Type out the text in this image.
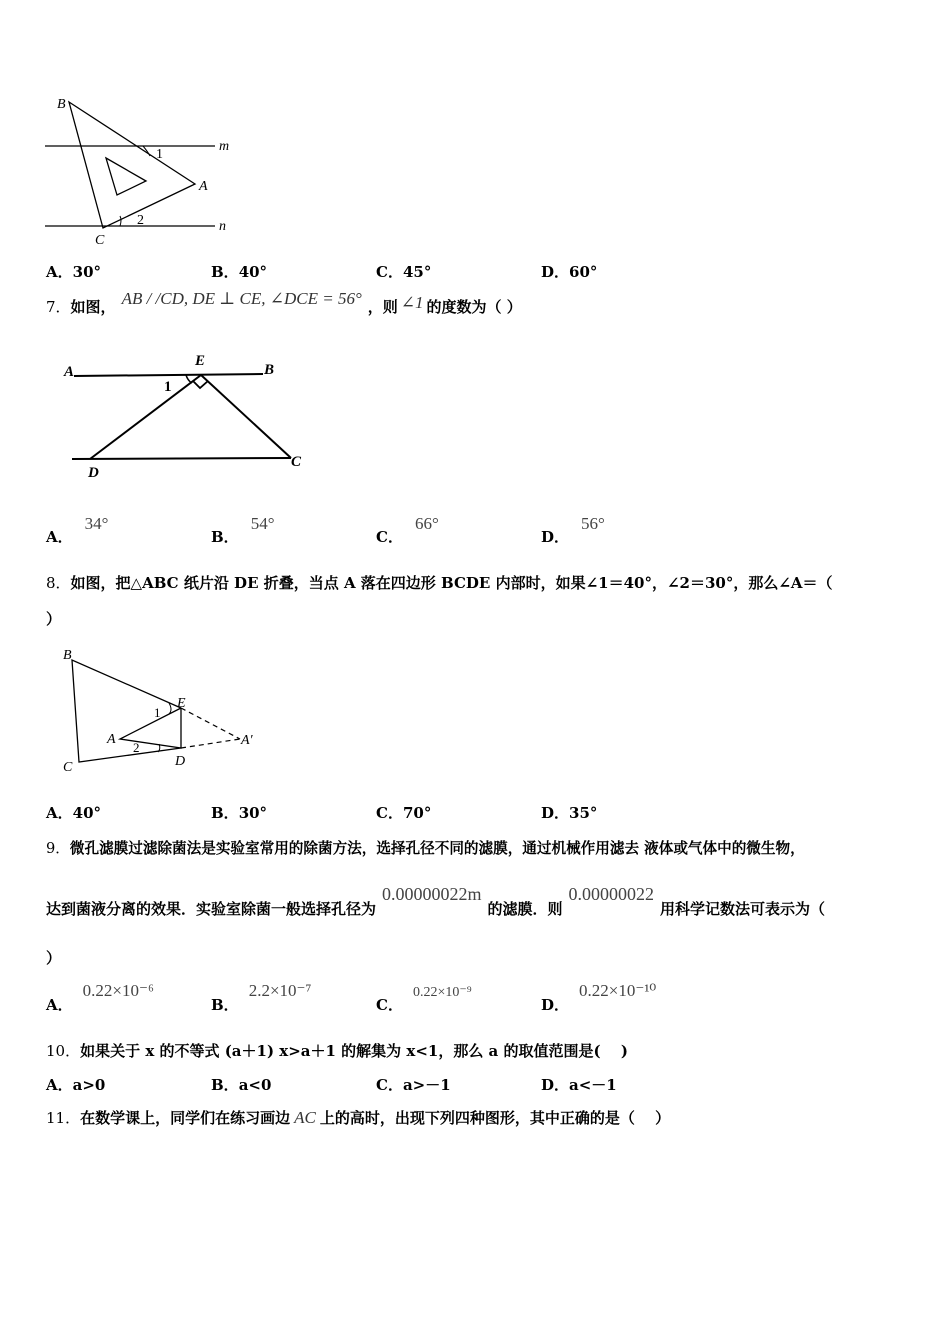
B
1
m
A
2	n
C
A．30°	B．40°	C．45°	D．60°
7．如图， AB / /CD, DE ⊥ CE, ∠DCE = 56° ，则 ∠1 的度数为（ ）
A
E
B
1
D
C
A．34°
B．54°
C．66°
D．56°
8．如图，把△ABC 纸片沿 DE 折叠，当点 A 落在四边形 BCDE 内部时，如果∠1＝40°，∠2＝30°，那么∠A＝（
）
B
E
1
A
2	A′
C	D
A．40°	B．30°	C．70°	D．35°
9．微孔滤膜过滤除菌法是实验室常用的除菌方法，选择孔径不同的滤膜，通过机械作用滤去 液体或气体中的微生物，
达到菌液分离的效果．实验室除菌一般选择孔径为0.00000022m的滤膜．则0.00000022用科学记数法可表示为（
）
A．0.22×10⁻⁶
B．2.2×10⁻⁷
C．0.22×10⁻⁹
D．0.22×10⁻¹⁰
10．如果关于 x 的不等式 (a＋1) x>a＋1 的解集为 x<1，那么 a 的取值范围是(　 )
A．a>0	B．a<0	C．a>－1	D．a<－1
11．在数学课上，同学们在练习画边 AC 上的高时，出现下列四种图形，其中正确的是（　 ）
